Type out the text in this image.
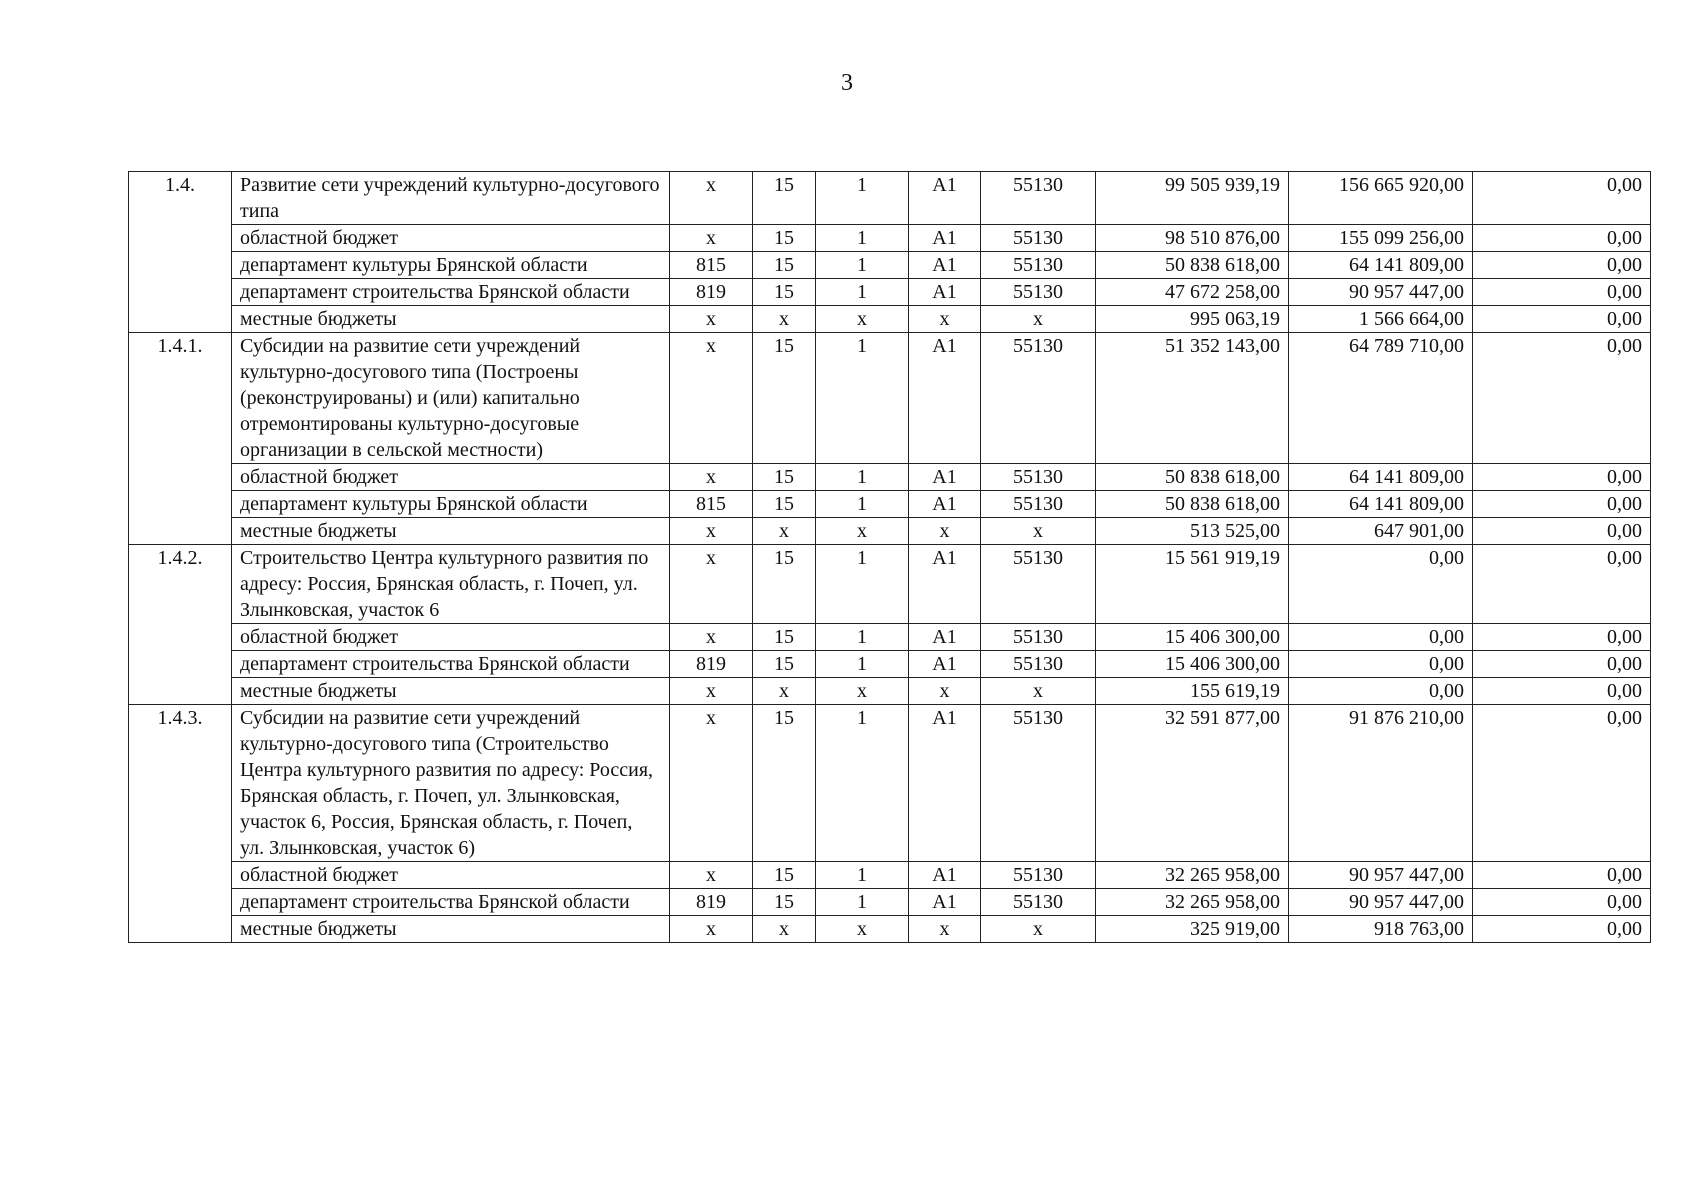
3
1.4.	Развитие сети учреждений культурно-досугового типа	x	15	1	А1	55130	99 505 939,19	156 665 920,00	0,00
	областной бюджет	x	15	1	А1	55130	98 510 876,00	155 099 256,00	0,00
	департамент культуры Брянской области	815	15	1	А1	55130	50 838 618,00	64 141 809,00	0,00
	департамент строительства Брянской области	819	15	1	А1	55130	47 672 258,00	90 957 447,00	0,00
	местные бюджеты	x	x	x	x	x	995 063,19	1 566 664,00	0,00
1.4.1.	Субсидии на развитие сети учреждений культурно-досугового типа (Построены (реконструированы) и (или) капитально отремонтированы культурно-досуговые организации в сельской местности)	x	15	1	А1	55130	51 352 143,00	64 789 710,00	0,00
	областной бюджет	x	15	1	А1	55130	50 838 618,00	64 141 809,00	0,00
	департамент культуры Брянской области	815	15	1	А1	55130	50 838 618,00	64 141 809,00	0,00
	местные бюджеты	x	x	x	x	x	513 525,00	647 901,00	0,00
1.4.2.	Строительство Центра культурного развития по адресу: Россия, Брянская область, г. Почеп, ул. Злынковская, участок 6	x	15	1	А1	55130	15 561 919,19	0,00	0,00
	областной бюджет	x	15	1	А1	55130	15 406 300,00	0,00	0,00
	департамент строительства Брянской области	819	15	1	А1	55130	15 406 300,00	0,00	0,00
	местные бюджеты	x	x	x	x	x	155 619,19	0,00	0,00
1.4.3.	Субсидии на развитие сети учреждений культурно-досугового типа (Строительство Центра культурного развития по адресу: Россия, Брянская область, г. Почеп, ул. Злынковская, участок 6, Россия, Брянская область, г. Почеп, ул. Злынковская, участок 6)	x	15	1	А1	55130	32 591 877,00	91 876 210,00	0,00
	областной бюджет	x	15	1	А1	55130	32 265 958,00	90 957 447,00	0,00
	департамент строительства Брянской области	819	15	1	А1	55130	32 265 958,00	90 957 447,00	0,00
	местные бюджеты	x	x	x	x	x	325 919,00	918 763,00	0,00
